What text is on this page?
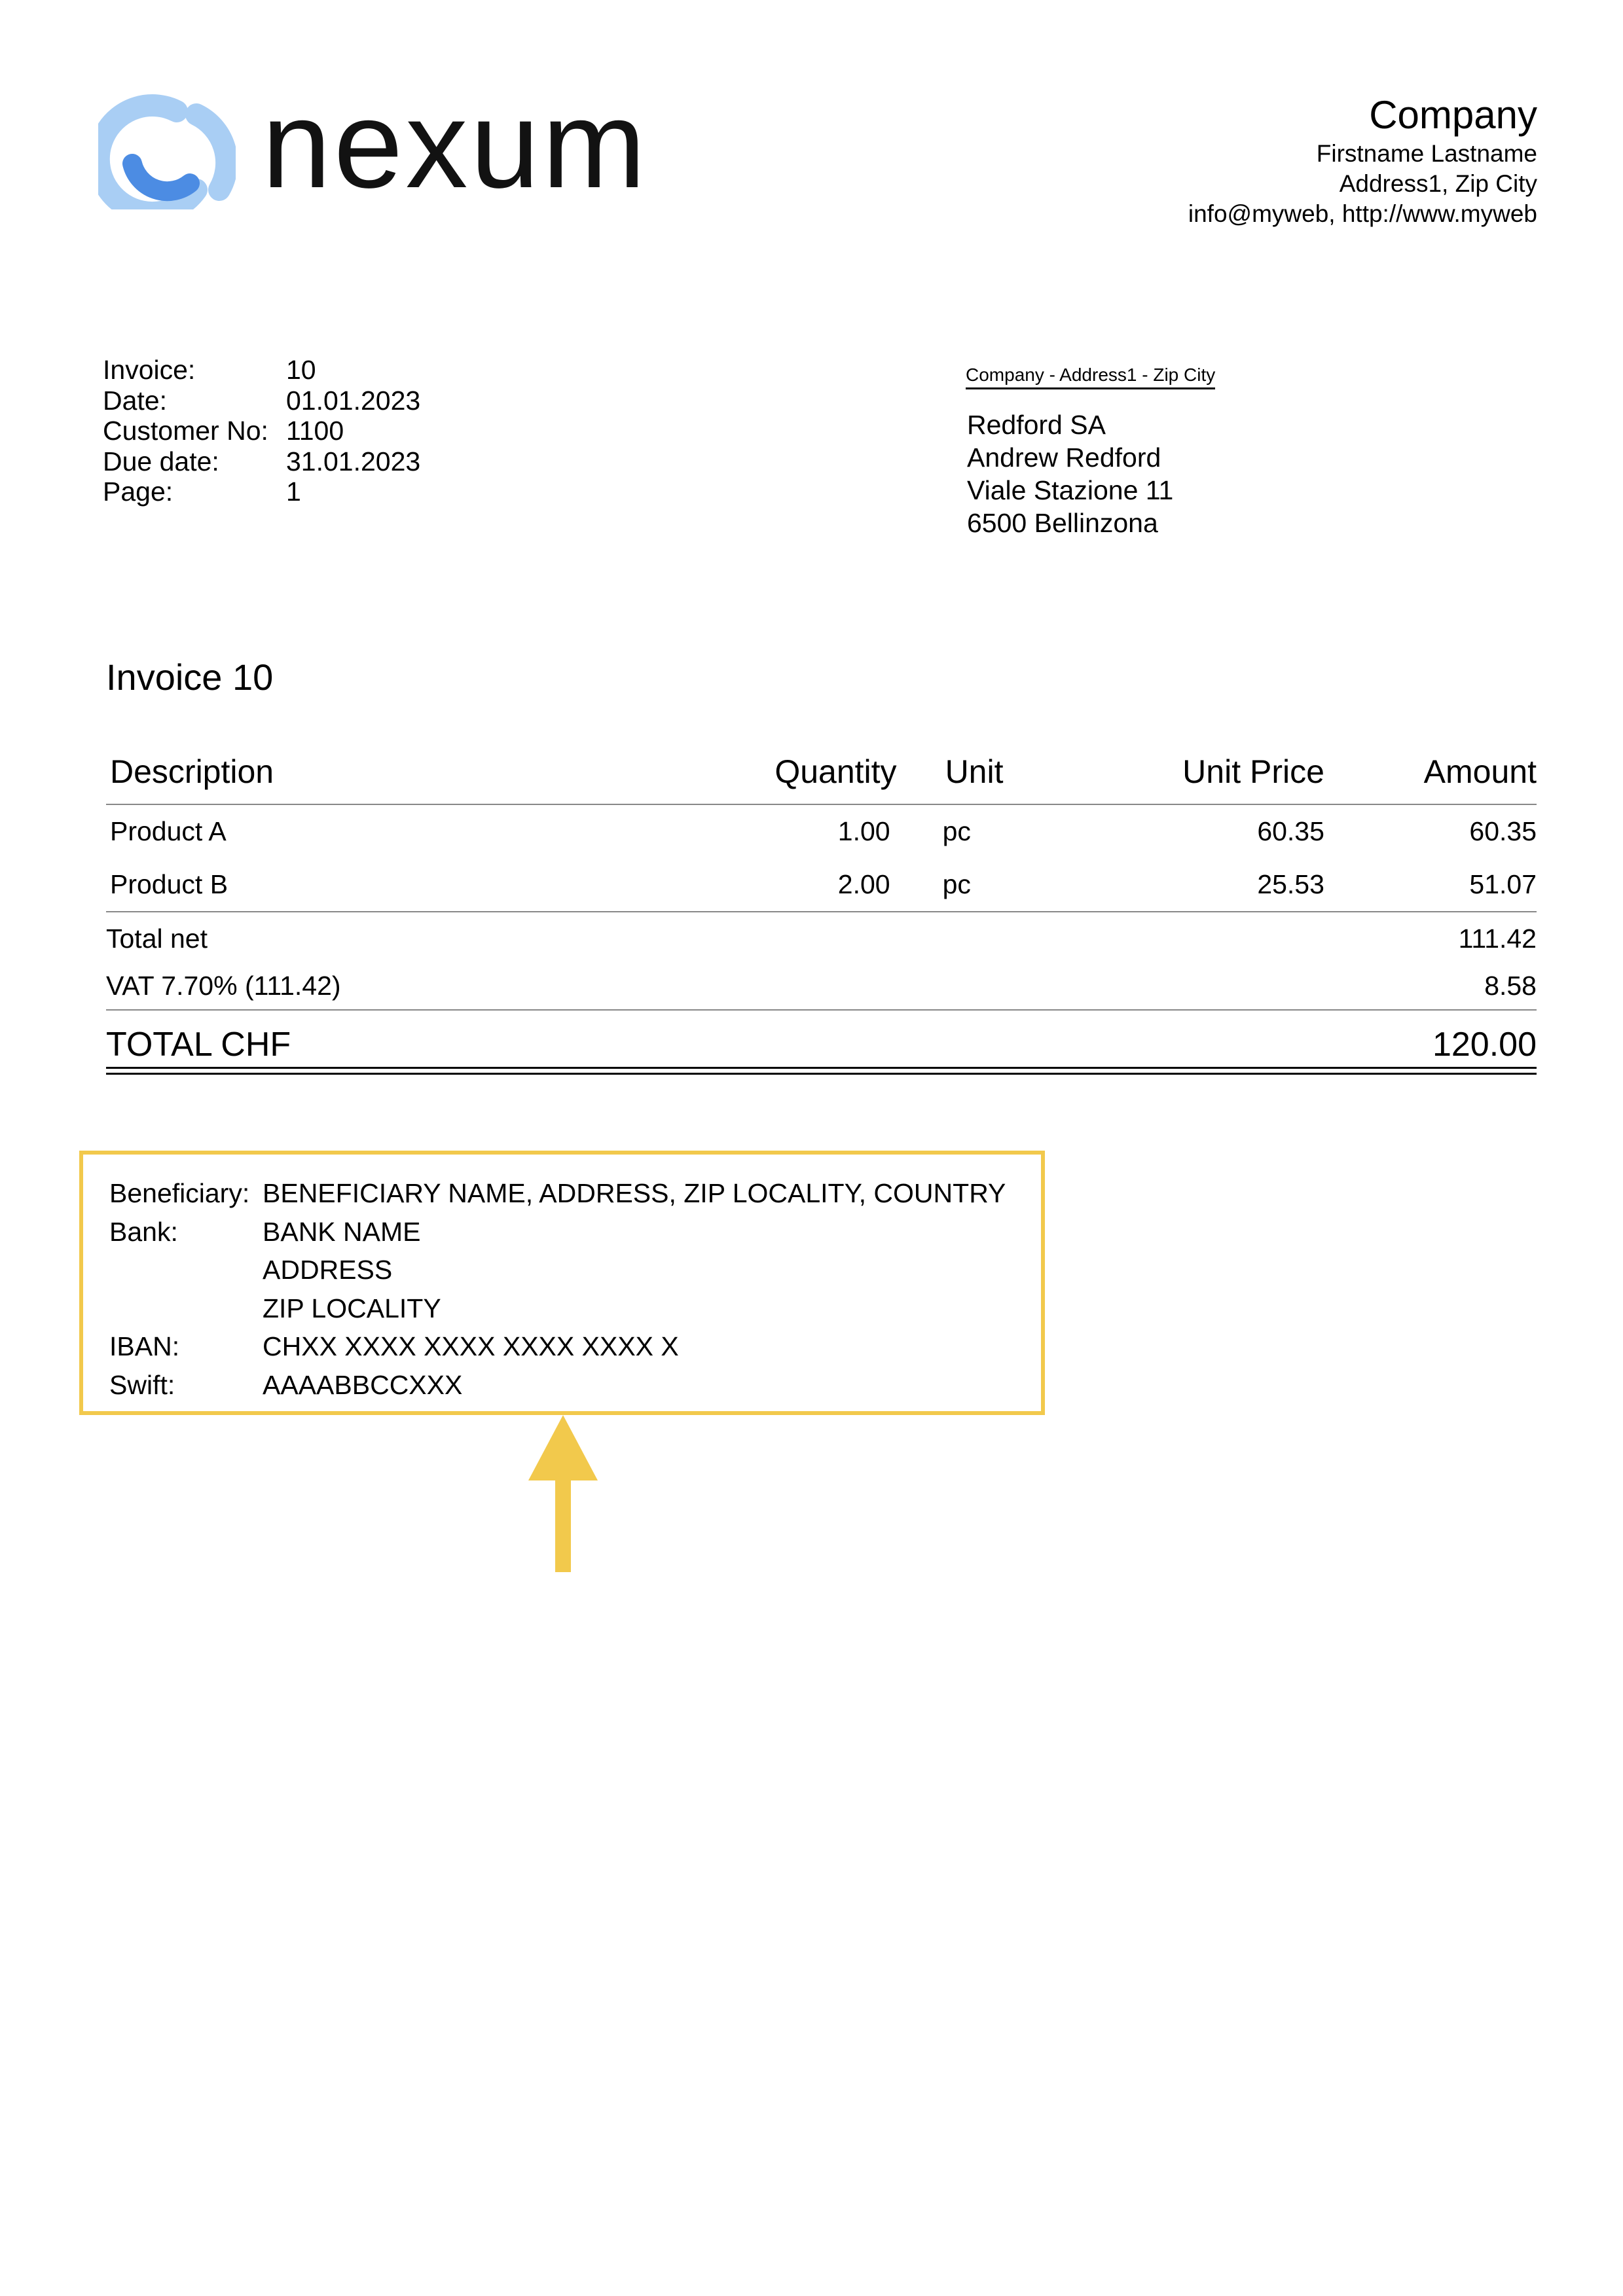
nexum	Company
Firstname Lastname
Address1, Zip City
info@myweb, http://www.myweb
Invoice:	10
Date:	01.01.2023
Customer No: 1100
Due date:	31.01.2023
Page:	1
Company - Address1 - Zip City
Redford SA
Andrew Redford
Viale Stazione 11
6500 Bellinzona
Invoice 10
Description	Quantity	Unit	Unit Price	Amount
Product A	1.00	pc	60.35	60.35
Product B	2.00	pc	25.53	51.07
Total net	111.42
VAT 7.70% (111.42)	8.58
TOTAL CHF	120.00
Beneficiary: BENEFICIARY NAME, ADDRESS, ZIP LOCALITY, COUNTRY
Bank:	BANK NAME
ADDRESS
ZIP LOCALITY
IBAN:	CHXX XXXX XXXX XXXX XXXX X
Swift:	AAAABBCCXXX
